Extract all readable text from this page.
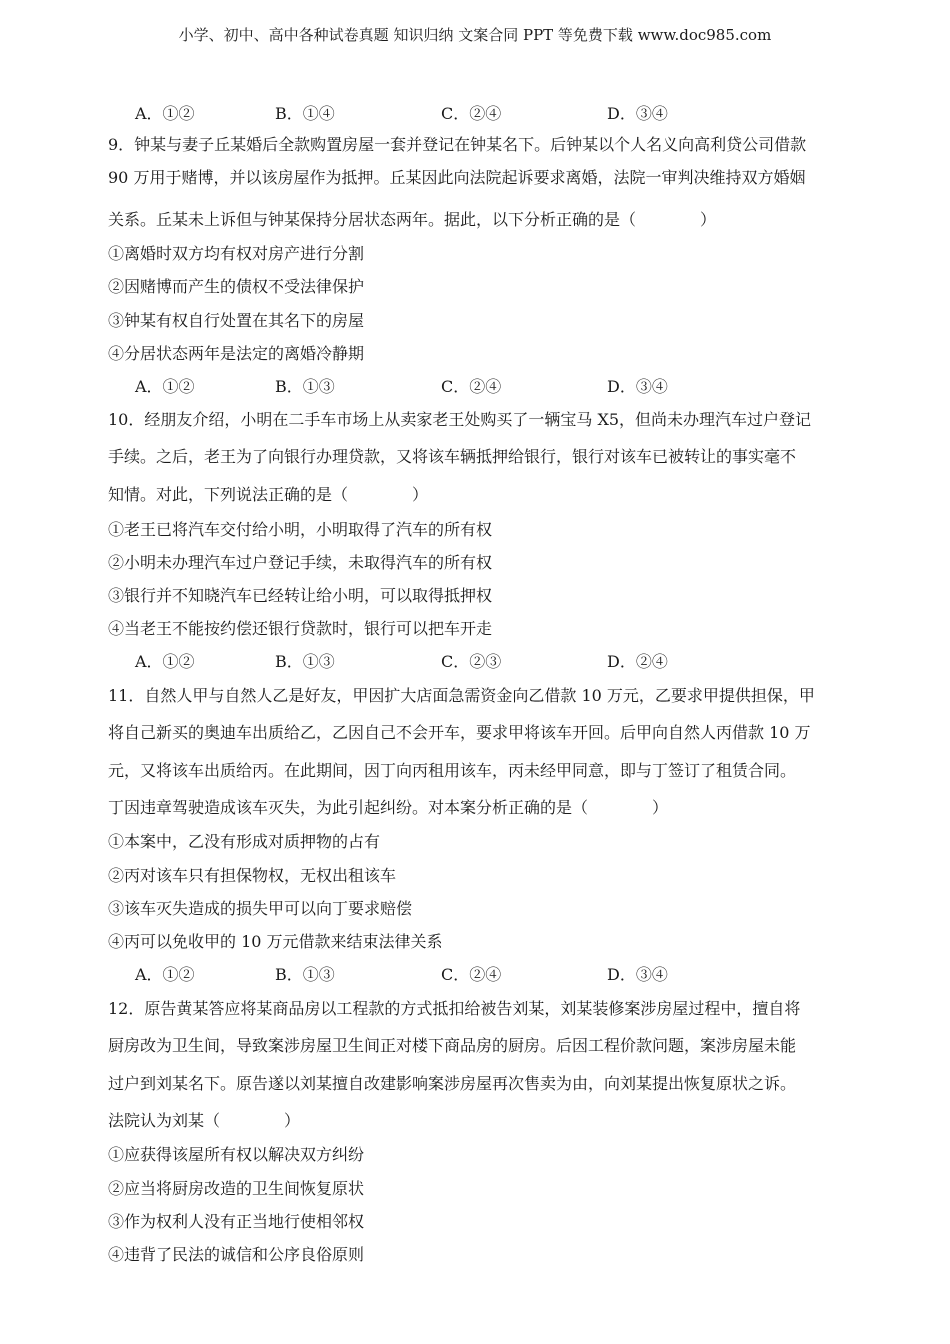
小学、初中、高中各种试卷真题 知识归纳 文案合同 PPT 等免费下载 www.doc985.com
A．①②	B．①④	C．②④	D．③④
9．钟某与妻子丘某婚后全款购置房屋一套并登记在钟某名下。后钟某以个人名义向高利贷公司借款
90 万用于赌博，并以该房屋作为抵押。丘某因此向法院起诉要求离婚，法院一审判决维持双方婚姻
关系。丘某未上诉但与钟某保持分居状态两年。据此，以下分析正确的是（　　　　）
①离婚时双方均有权对房产进行分割
②因赌博而产生的债权不受法律保护
③钟某有权自行处置在其名下的房屋
④分居状态两年是法定的离婚冷静期
A．①②	B．①③	C．②④	D．③④
10．经朋友介绍，小明在二手车市场上从卖家老王处购买了一辆宝马 X5，但尚未办理汽车过户登记
手续。之后，老王为了向银行办理贷款，又将该车辆抵押给银行，银行对该车已被转让的事实毫不
知情。对此，下列说法正确的是（　　　　）
①老王已将汽车交付给小明，小明取得了汽车的所有权
②小明未办理汽车过户登记手续，未取得汽车的所有权
③银行并不知晓汽车已经转让给小明，可以取得抵押权
④当老王不能按约偿还银行贷款时，银行可以把车开走
A．①②	B．①③	C．②③	D．②④
11．自然人甲与自然人乙是好友，甲因扩大店面急需资金向乙借款 10 万元，乙要求甲提供担保，甲
将自己新买的奥迪车出质给乙，乙因自己不会开车，要求甲将该车开回。后甲向自然人丙借款 10 万
元，又将该车出质给丙。在此期间，因丁向丙租用该车，丙未经甲同意，即与丁签订了租赁合同。
丁因违章驾驶造成该车灭失，为此引起纠纷。对本案分析正确的是（　　　　）
①本案中，乙没有形成对质押物的占有
②丙对该车只有担保物权，无权出租该车
③该车灭失造成的损失甲可以向丁要求赔偿
④丙可以免收甲的 10 万元借款来结束法律关系
A．①②	B．①③	C．②④	D．③④
12．原告黄某答应将某商品房以工程款的方式抵扣给被告刘某，刘某装修案涉房屋过程中，擅自将
厨房改为卫生间，导致案涉房屋卫生间正对楼下商品房的厨房。后因工程价款问题，案涉房屋未能
过户到刘某名下。原告遂以刘某擅自改建影响案涉房屋再次售卖为由，向刘某提出恢复原状之诉。
法院认为刘某（　　　　）
①应获得该屋所有权以解决双方纠纷
②应当将厨房改造的卫生间恢复原状
③作为权利人没有正当地行使相邻权
④违背了民法的诚信和公序良俗原则
